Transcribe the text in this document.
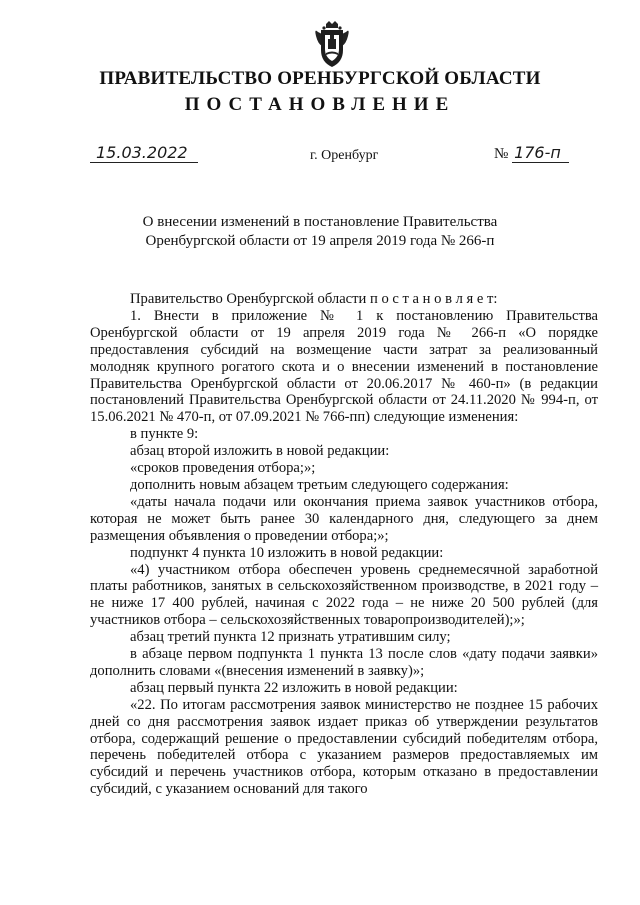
ПРАВИТЕЛЬСТВО ОРЕНБУРГСКОЙ ОБЛАСТИ
ПОСТАНОВЛЕНИЕ
15.03.2022	г. Оренбург	№ 176-п
О внесении изменений в постановление Правительства
Оренбургской области от 19 апреля 2019 года № 266-п

Правительство Оренбургской области п о с т а н о в л я е т:

1. Внести в приложение № 1 к постановлению Правительства Оренбургской области от 19 апреля 2019 года № 266-п «О порядке предоставления субсидий на возмещение части затрат за реализованный молодняк крупного рогатого скота и о внесении изменений в постановление Правительства Оренбургской области от 20.06.2017 № 460-п» (в редакции постановлений Правительства Оренбургской области от 24.11.2020 № 994-п, от 15.06.2021 № 470-п, от 07.09.2021 № 766-пп) следующие изменения:

в пункте 9:

абзац второй изложить в новой редакции:

«сроков проведения отбора;»;

дополнить новым абзацем третьим следующего содержания:

«даты начала подачи или окончания приема заявок участников отбора, которая не может быть ранее 30 календарного дня, следующего за днем размещения объявления о проведении отбора;»;

подпункт 4 пункта 10 изложить в новой редакции:

«4) участником отбора обеспечен уровень среднемесячной заработной платы работников, занятых в сельскохозяйственном производстве, в 2021 году – не ниже 17 400 рублей, начиная с 2022 года – не ниже 20 500 рублей (для участников отбора – сельскохозяйственных товаропроизводителей);»;

абзац третий пункта 12 признать утратившим силу;

в абзаце первом подпункта 1 пункта 13 после слов «дату подачи заявки» дополнить словами «(внесения изменений в заявку)»;

абзац первый пункта 22 изложить в новой редакции:

«22. По итогам рассмотрения заявок министерство не позднее 15 рабочих дней со дня рассмотрения заявок издает приказ об утверждении результатов отбора, содержащий решение о предоставлении субсидий победителям отбора, перечень победителей отбора с указанием размеров предоставляемых им субсидий и перечень участников отбора, которым отказано в предоставлении субсидий, с указанием оснований для такого
